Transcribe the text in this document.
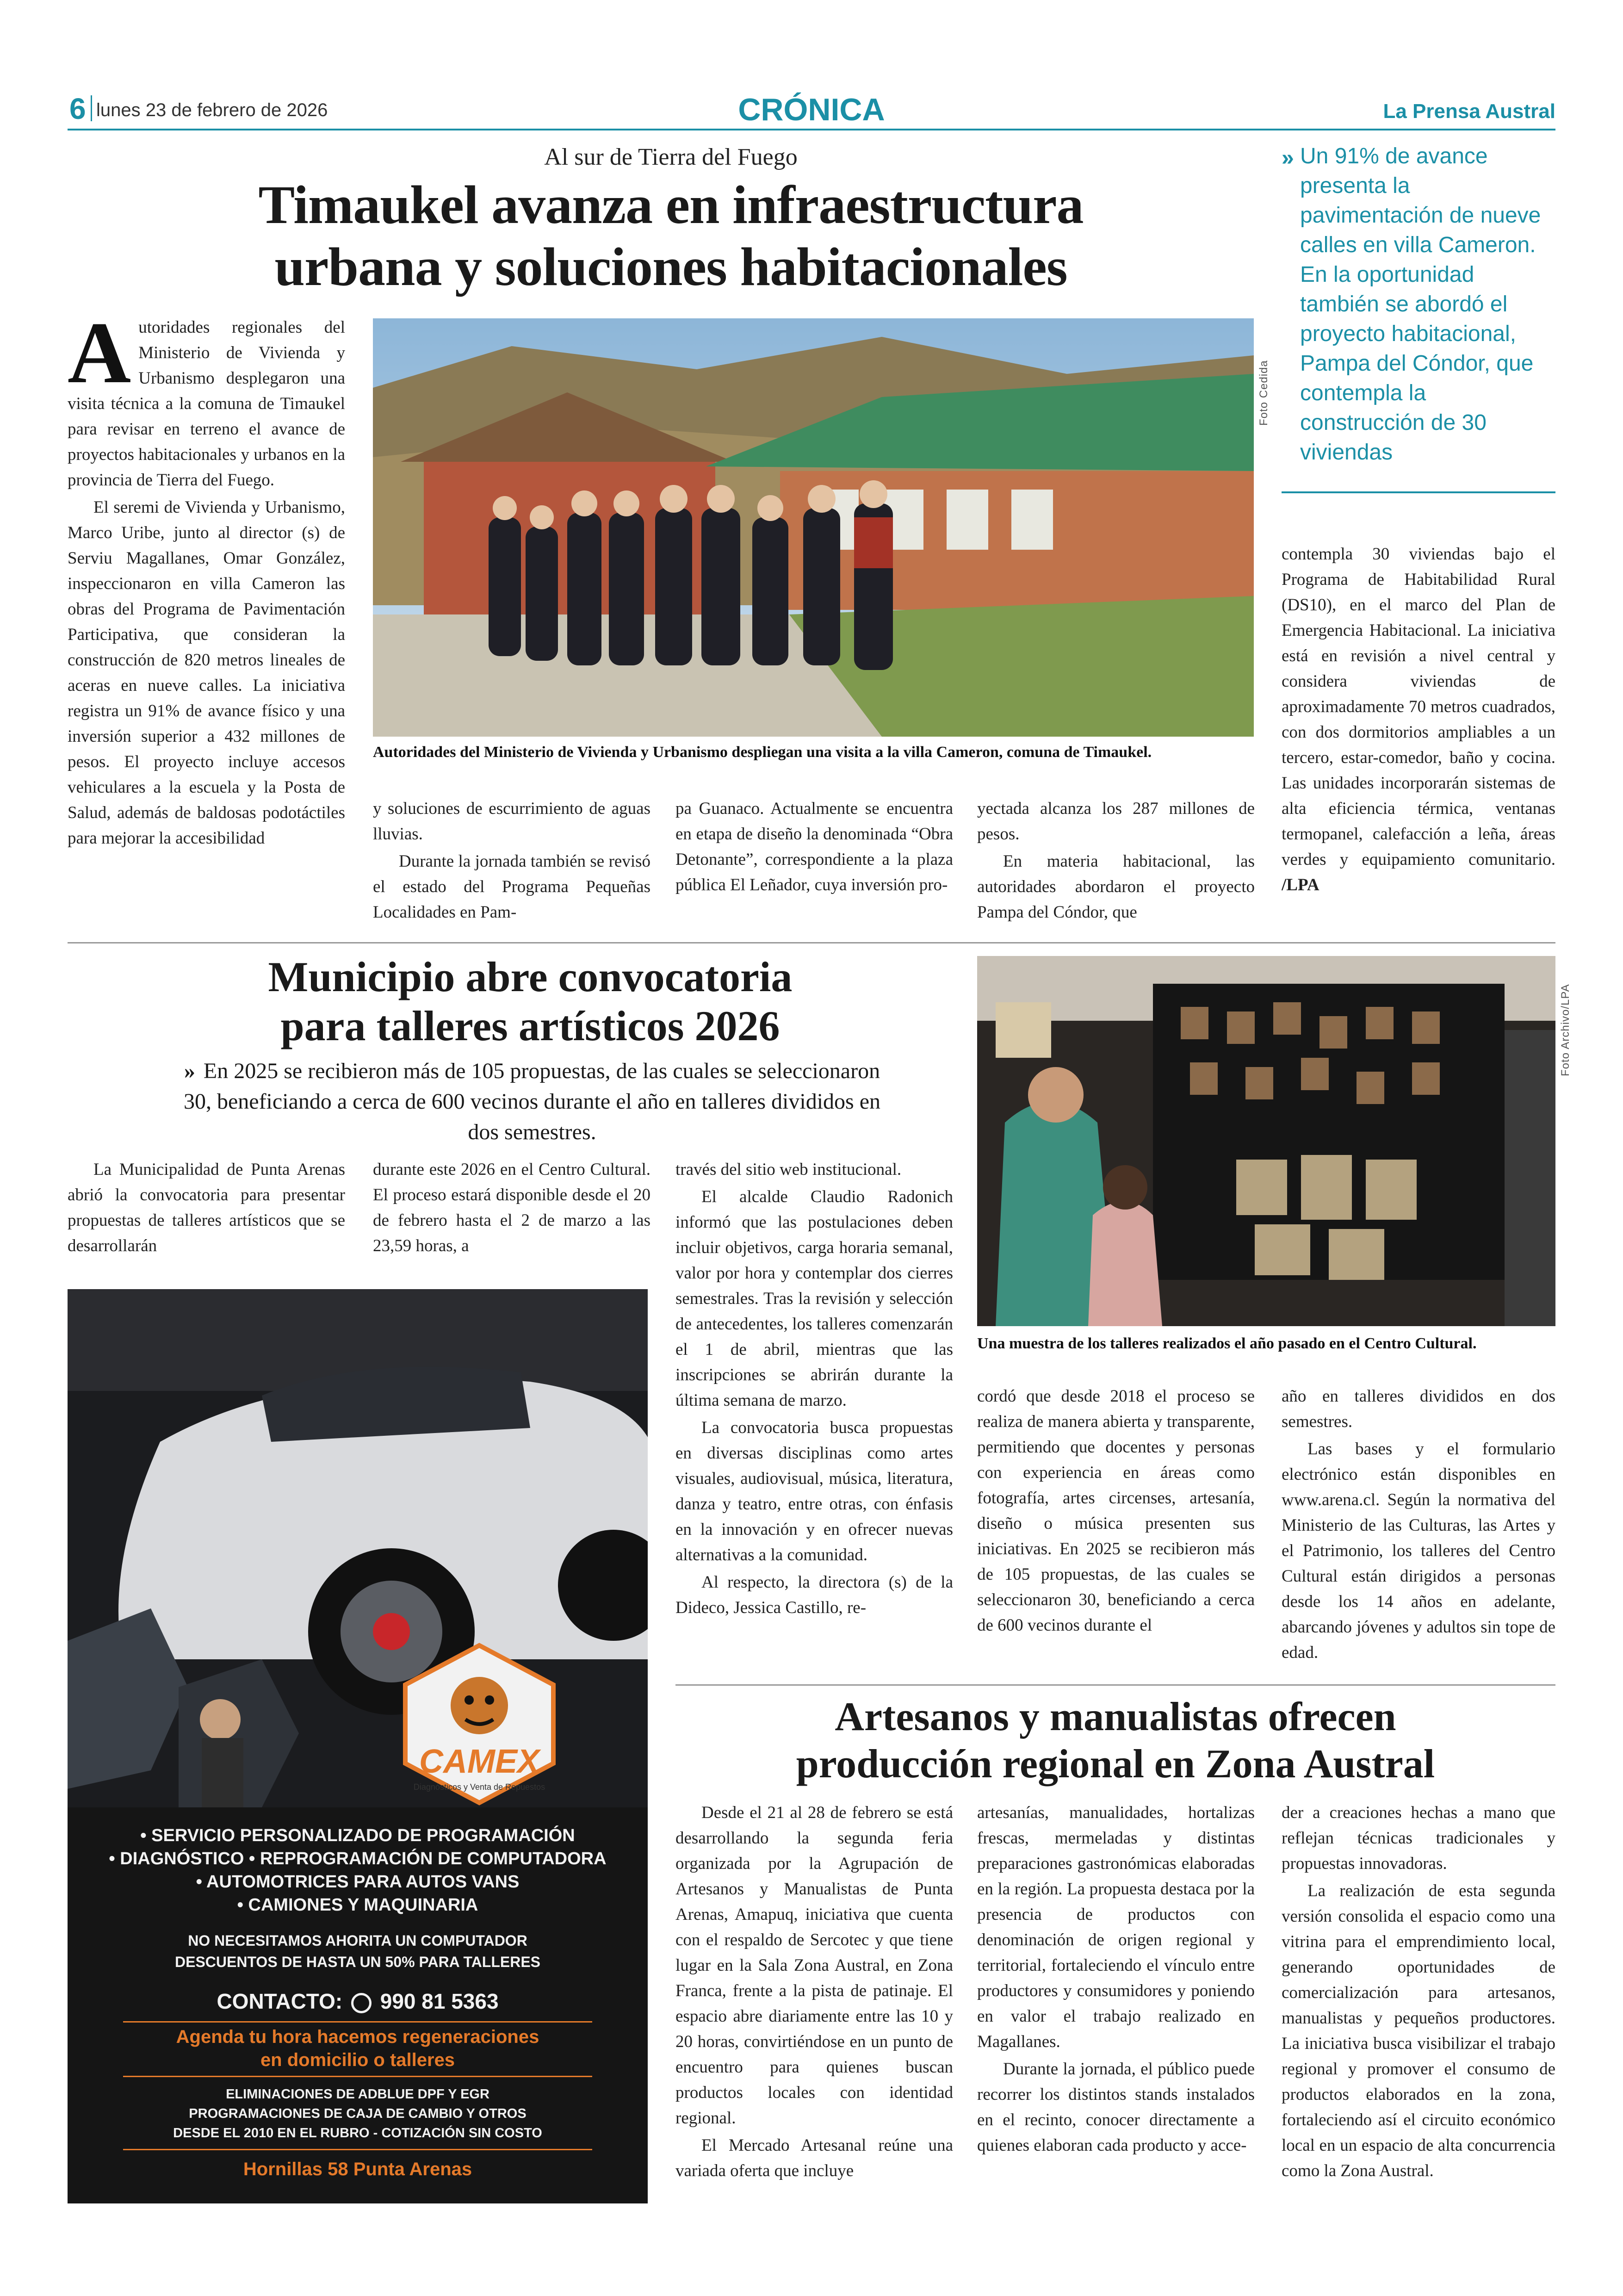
6 lunes 23 de febrero de 2026	CRÓNICA	La Prensa Austral
Al sur de Tierra del Fuego
Timaukel avanza en infraestructura
urbana y soluciones habitacionales
» Un 91% de avance presenta la pavimentación de nueve calles en villa Cameron. En la oportunidad también se abordó el proyecto habitacional, Pampa del Cóndor, que contempla la construcción de 30 viviendas
Foto Cedida
Autoridades del Ministerio de Vivienda y Urbanismo despliegan una visita a la villa Cameron, comuna de Timaukel.
A utoridades regionales del Ministerio de Vivienda y Urbanismo desplegaron una visita técnica a la comuna de Timaukel para revisar en terreno el avance de proyectos habitacionales y urbanos en la provincia de Tierra del Fuego.

El seremi de Vivienda y Urbanismo, Marco Uribe, junto al director (s) de Serviu Magallanes, Omar González, inspeccionaron en villa Cameron las obras del Programa de Pavimentación Participativa, que consideran la construcción de 820 metros lineales de aceras en nueve calles. La iniciativa registra un 91% de avance físico y una inversión superior a 432 millones de pesos. El proyecto incluye accesos vehiculares a la escuela y la Posta de Salud, además de baldosas podotáctiles para mejorar la accesibilidad

y soluciones de escurrimiento de aguas lluvias.

Durante la jornada también se revisó el estado del Programa Pequeñas Localidades en Pam-

pa Guanaco. Actualmente se encuentra en etapa de diseño la denominada “Obra Detonante”, correspondiente a la plaza pública El Leñador, cuya inversión pro-

yectada alcanza los 287 millones de pesos.

En materia habitacional, las autoridades abordaron el proyecto Pampa del Cóndor, que

contempla 30 viviendas bajo el Programa de Habitabilidad Rural (DS10), en el marco del Plan de Emergencia Habitacional. La iniciativa está en revisión a nivel central y considera viviendas de aproximadamente 70 metros cuadrados, con dos dormitorios ampliables a un tercero, estar-comedor, baño y cocina. Las unidades incorporarán sistemas de alta eficiencia térmica, ventanas termopanel, calefacción a leña, áreas verdes y equipamiento comunitario. /LPA

Municipio abre convocatoria
para talleres artísticos 2026
» En 2025 se recibieron más de 105 propuestas, de las cuales se seleccionaron 30, beneficiando a cerca de 600 vecinos durante el año en talleres divididos en dos semestres.

La Municipalidad de Punta Arenas abrió la convocatoria para presentar propuestas de talleres artísticos que se desarrollarán

durante este 2026 en el Centro Cultural. El proceso estará disponible desde el 20 de febrero hasta el 2 de marzo a las 23,59 horas, a

través del sitio web institucional.

El alcalde Claudio Radonich informó que las postulaciones deben incluir objetivos, carga horaria semanal, valor por hora y contemplar dos cierres semestrales. Tras la revisión y selección de antecedentes, los talleres comenzarán el 1 de abril, mientras que las inscripciones se abrirán durante la última semana de marzo.

La convocatoria busca propuestas en diversas disciplinas como artes visuales, audiovisual, música, literatura, danza y teatro, entre otras, con énfasis en la innovación y en ofrecer nuevas alternativas a la comunidad.

Al respecto, la directora (s) de la Dideco, Jessica Castillo, re-

Foto Archivo/LPA
Una muestra de los talleres realizados el año pasado en el Centro Cultural.

cordó que desde 2018 el proceso se realiza de manera abierta y transparente, permitiendo que docentes y personas con experiencia en áreas como fotografía, artes circenses, artesanía, diseño o música presenten sus iniciativas. En 2025 se recibieron más de 105 propuestas, de las cuales se seleccionaron 30, beneficiando a cerca de 600 vecinos durante el

año en talleres divididos en dos semestres.

Las bases y el formulario electrónico están disponibles en www.arena.cl. Según la normativa del Ministerio de las Culturas, las Artes y el Patrimonio, los talleres del Centro Cultural están dirigidos a personas desde los 14 años en adelante, abarcando jóvenes y adultos sin tope de edad.

CAMEX
Diagnósticos y Venta de Repuestos
• SERVICIO PERSONALIZADO DE PROGRAMACIÓN
• DIAGNÓSTICO • REPROGRAMACIÓN DE COMPUTADORA
• AUTOMOTRICES PARA AUTOS VANS
• CAMIONES Y MAQUINARIA
NO NECESITAMOS AHORITA UN COMPUTADOR
DESCUENTOS DE HASTA UN 50% PARA TALLERES
CONTACTO: 990 81 5363
Agenda tu hora hacemos regeneraciones
en domicilio o talleres
ELIMINACIONES DE ADBLUE DPF Y EGR
PROGRAMACIONES DE CAJA DE CAMBIO Y OTROS
DESDE EL 2010 EN EL RUBRO - COTIZACIÓN SIN COSTO
Hornillas 58 Punta Arenas
Artesanos y manualistas ofrecen
producción regional en Zona Austral

Desde el 21 al 28 de febrero se está desarrollando la segunda feria organizada por la Agrupación de Artesanos y Manualistas de Punta Arenas, Amapuq, iniciativa que cuenta con el respaldo de Sercotec y que tiene lugar en la Sala Zona Austral, en Zona Franca, frente a la pista de patinaje. El espacio abre diariamente entre las 10 y 20 horas, convirtiéndose en un punto de encuentro para quienes buscan productos locales con identidad regional.

El Mercado Artesanal reúne una variada oferta que incluye

artesanías, manualidades, hortalizas frescas, mermeladas y distintas preparaciones gastronómicas elaboradas en la región. La propuesta destaca por la presencia de productos con denominación de origen regional y territorial, fortaleciendo el vínculo entre productores y consumidores y poniendo en valor el trabajo realizado en Magallanes.

Durante la jornada, el público puede recorrer los distintos stands instalados en el recinto, conocer directamente a quienes elaboran cada producto y acce-

der a creaciones hechas a mano que reflejan técnicas tradicionales y propuestas innovadoras.

La realización de esta segunda versión consolida el espacio como una vitrina para el emprendimiento local, generando oportunidades de comercialización para artesanos, manualistas y pequeños productores. La iniciativa busca visibilizar el trabajo regional y promover el consumo de productos elaborados en la zona, fortaleciendo así el circuito económico local en un espacio de alta concurrencia como la Zona Austral.
